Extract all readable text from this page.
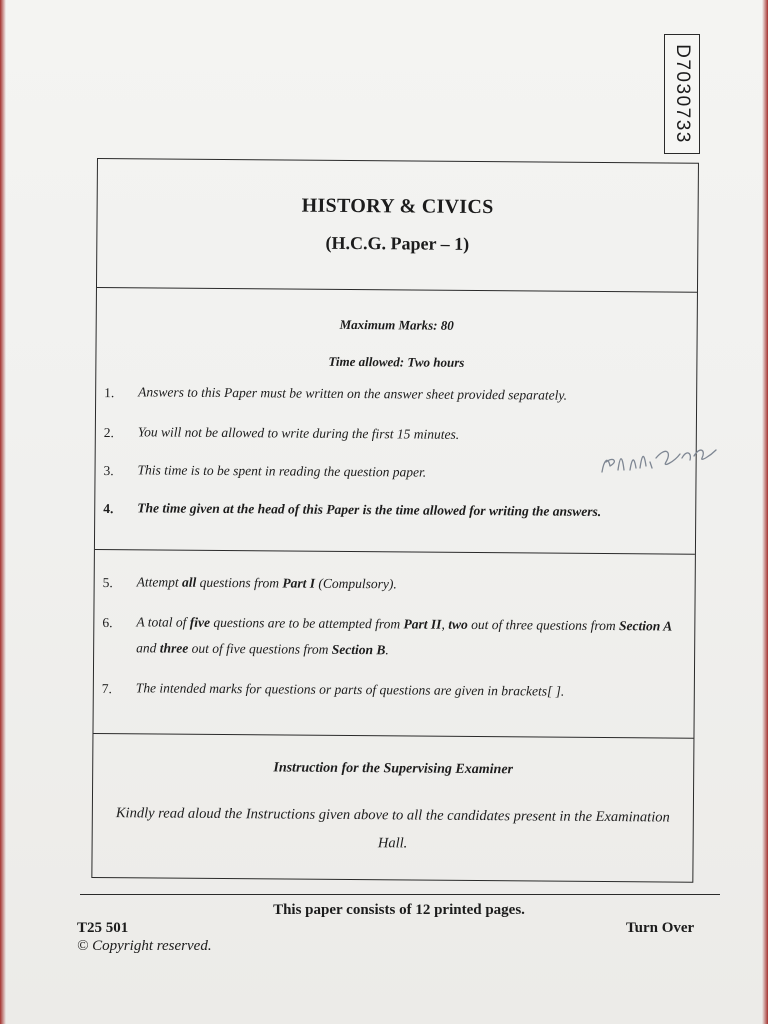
D7030733
HISTORY & CIVICS
(H.C.G. Paper – 1)
Maximum Marks: 80
Time allowed: Two hours
1. Answers to this Paper must be written on the answer sheet provided separately.
2. You will not be allowed to write during the first 15 minutes.
3. This time is to be spent in reading the question paper.
4. The time given at the head of this Paper is the time allowed for writing the answers.
5. Attempt all questions from Part I (Compulsory).
6. A total of five questions are to be attempted from Part II, two out of three questions from Section A and three out of five questions from Section B.
7. The intended marks for questions or parts of questions are given in brackets[ ].
Instruction for the Supervising Examiner
Kindly read aloud the Instructions given above to all the candidates present in the Examination Hall.
This paper consists of 12 printed pages.
T25 501	Turn Over
© Copyright reserved.
